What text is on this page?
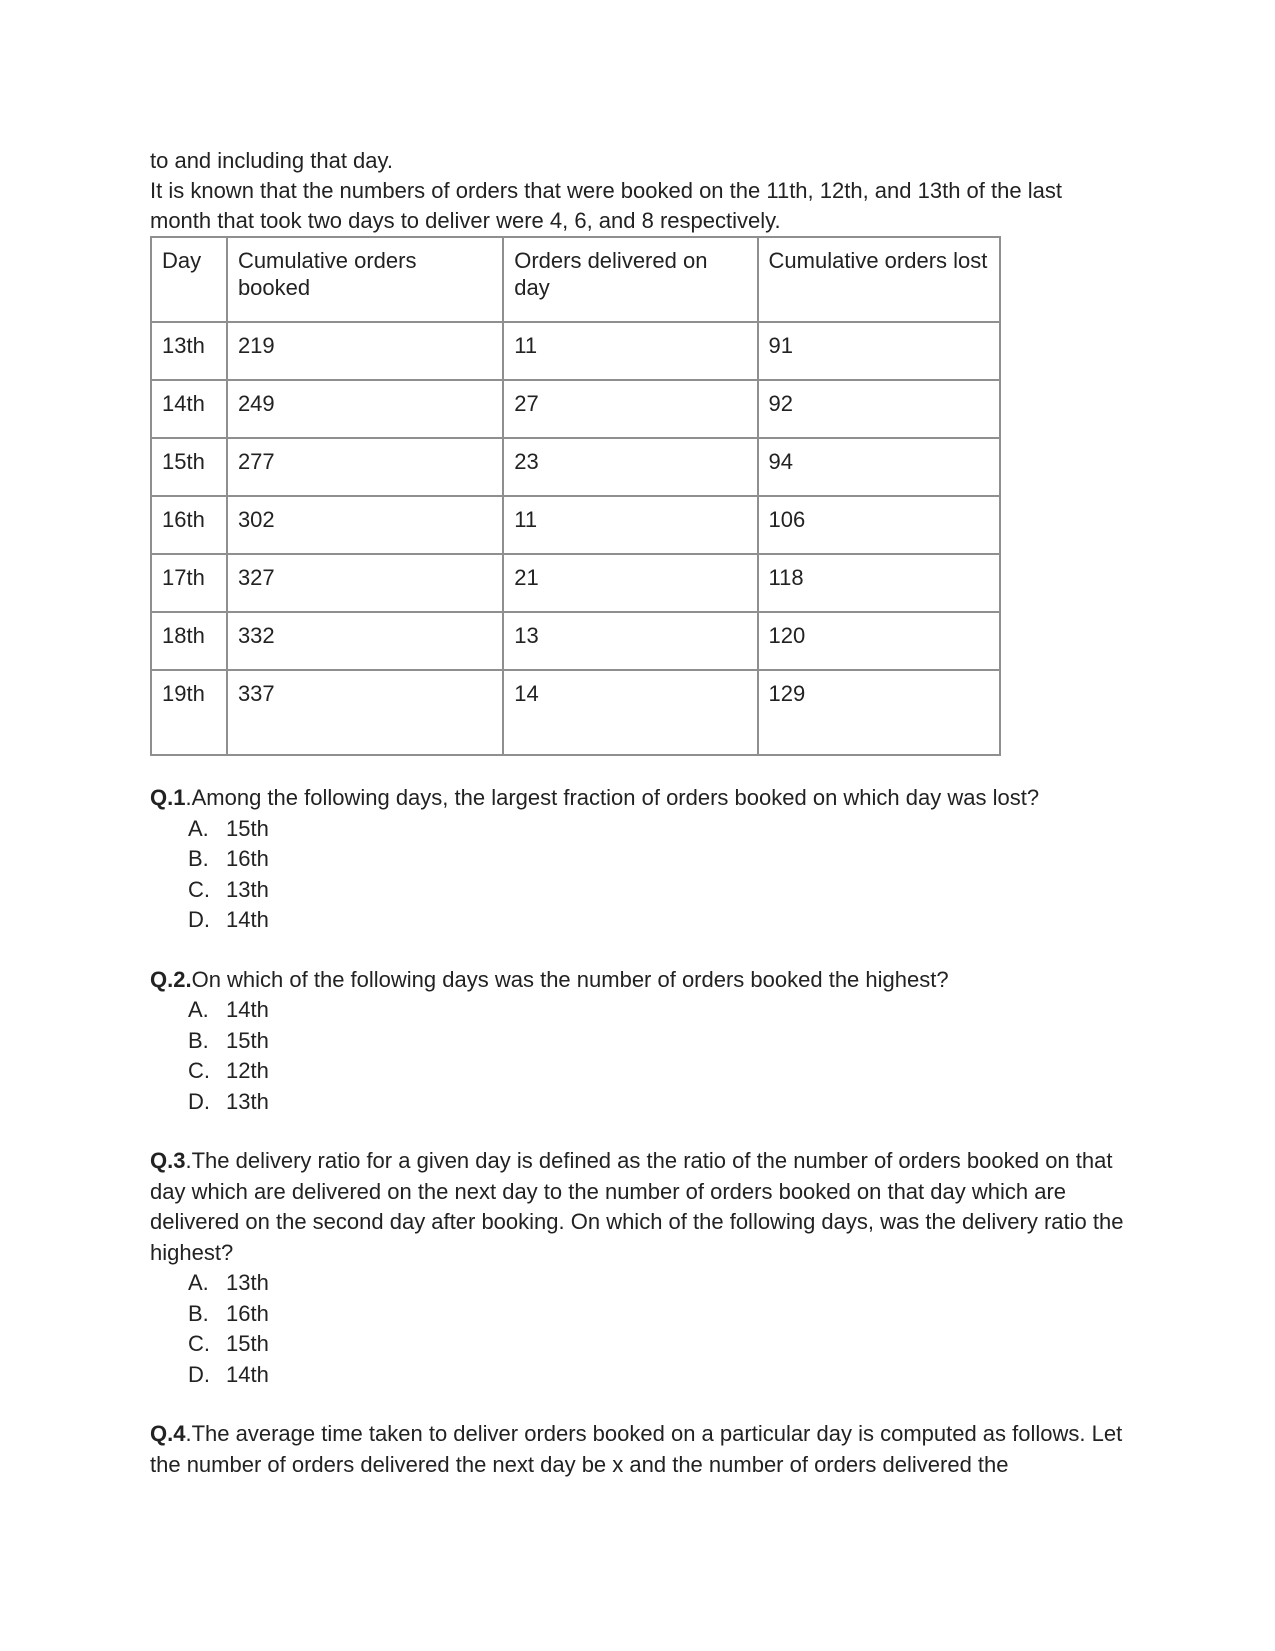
to and including that day.

It is known that the numbers of orders that were booked on the 11th, 12th, and 13th of the last

month that took two days to deliver were 4, 6, and 8 respectively.

Day	Cumulative orders booked	Orders delivered on day	Cumulative orders lost
13th	219	11	91
14th	249	27	92
15th	277	23	94
16th	302	11	106
17th	327	21	118
18th	332	13	120
19th	337	14	129

Q.1.Among the following days, the largest fraction of orders booked on which day was lost?

A. 15th
B. 16th
C. 13th
D. 14th

Q.2.On which of the following days was the number of orders booked the highest?

A. 14th
B. 15th
C. 12th
D. 13th

Q.3.The delivery ratio for a given day is defined as the ratio of the number of orders booked on that day which are delivered on the next day to the number of orders booked on that day which are delivered on the second day after booking. On which of the following days, was the delivery ratio the highest?

A. 13th
B. 16th
C. 15th
D. 14th

Q.4.The average time taken to deliver orders booked on a particular day is computed as follows. Let the number of orders delivered the next day be x and the number of orders delivered the
